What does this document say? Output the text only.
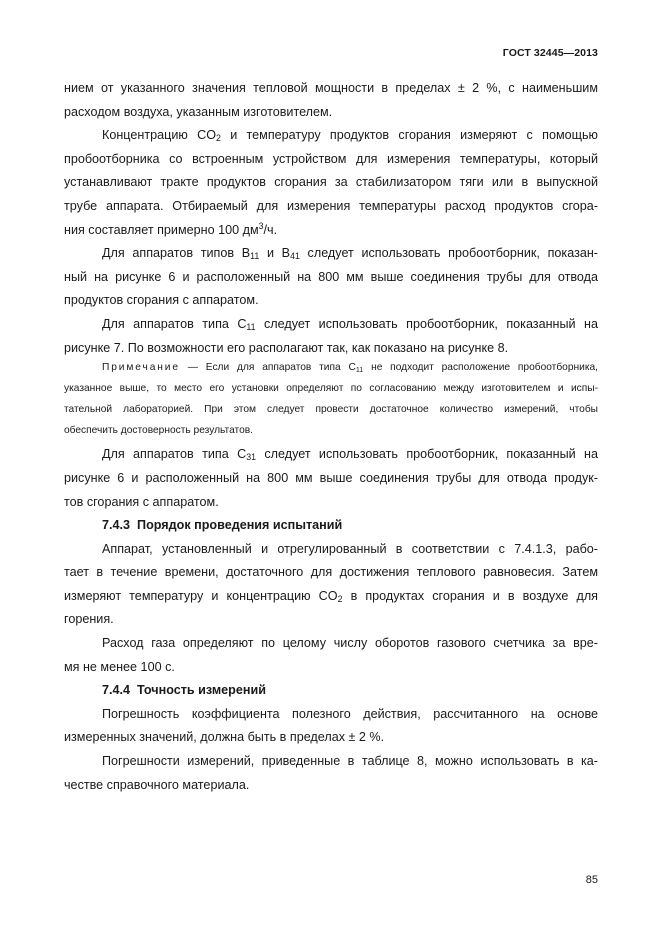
ГОСТ 32445—2013
нием от указанного значения тепловой мощности в пределах ± 2 %, с наименьшим
расходом воздуха, указанным изготовителем.
Концентрацию $CO_2$ и температуру продуктов сгорания измеряют с помощью
пробоотборника со встроенным устройством для измерения температуры, который
устанавливают тракте продуктов сгорания за стабилизатором тяги или в выпускной
трубе аппарата. Отбираемый для измерения температуры расход продуктов сгора-
ния составляет примерно 100 $дм^3/ч$.
Для аппаратов типов $B_{11}$ и $B_{41}$ следует использовать пробоотборник, показан-
ный на рисунке 6 и расположенный на 800 мм выше соединения трубы для отвода
продуктов сгорания с аппаратом.
Для аппаратов типа $C_{11}$ следует использовать пробоотборник, показанный на
рисунке 7. По возможности его располагают так, как показано на рисунке 8.
Примечание — Если для аппаратов типа $C_{11}$ не подходит расположение пробоотборника,
указанное выше, то место его установки определяют по согласованию между изготовителем и испы-
тательной лабораторией. При этом следует провести достаточное количество измерений, чтобы
обеспечить достоверность результатов.
Для аппаратов типа $C_{31}$ следует использовать пробоотборник, показанный на
рисунке 6 и расположенный на 800 мм выше соединения трубы для отвода продук-
тов сгорания с аппаратом.
7.4.3 Порядок проведения испытаний
Аппарат, установленный и отрегулированный в соответствии с 7.4.1.3, рабо-
тает в течение времени, достаточного для достижения теплового равновесия. Затем
измеряют температуру и концентрацию $CO_2$ в продуктах сгорания и в воздухе для
горения.
Расход газа определяют по целому числу оборотов газового счетчика за вре-
мя не менее 100 с.
7.4.4 Точность измерений
Погрешность коэффициента полезного действия, рассчитанного на основе
измеренных значений, должна быть в пределах ± 2 %.
Погрешности измерений, приведенные в таблице 8, можно использовать в ка-
честве справочного материала.
85
